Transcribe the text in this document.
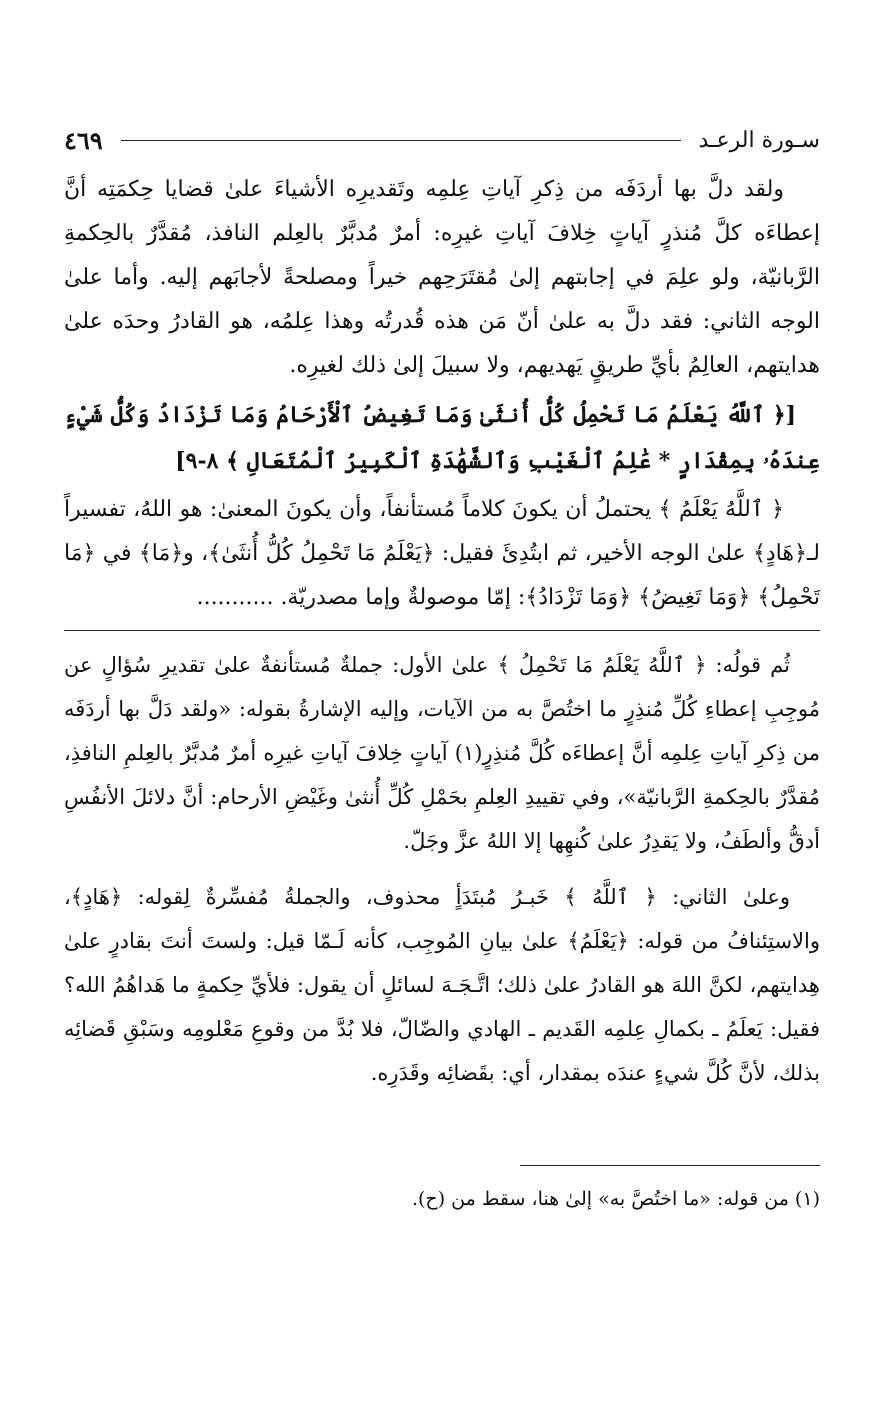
سـورة الرعـد
٤٦٩

ولقد دلَّ بها أردَفَه من ذِكرِ آياتِ عِلمِه وتَقديرِه الأشياءَ علىٰ قضايا حِكمَتِه أنَّ إعطاءَه كلَّ مُنذرٍ آياتٍ خِلافَ آياتِ غيرِه: أمرٌ مُدبَّرٌ بالعِلم النافذ، مُقدَّرٌ بالحِكمةِ الرَّبانيّة، ولو علِمَ في إجابتهم إلىٰ مُقتَرَحِهم خيراً ومصلحةً لأجابَهم إليه. وأما علىٰ الوجه الثاني: فقد دلَّ به علىٰ أنّ مَن هذه قُدرتُه وهذا عِلمُه، هو القادرُ وحدَه علىٰ هدايتهم، العالِمُ بأيِّ طريقٍ يَهديهم، ولا سبيلَ إلىٰ ذلك لغيرِه.

[﴿ ٱللَّهُ يَعْلَمُ مَا تَحْمِلُ كُلُّ أُنثَىٰ وَمَا تَغِيضُ ٱلْأَرْحَامُ وَمَا تَزْدَادُ وَكُلُّ شَيْءٍ عِندَهُۥ بِمِقْدَارٍ * عَٰلِمُ ٱلْغَيْبِ وَٱلشَّهَٰدَةِ ٱلْكَبِيرُ ٱلْمُتَعَالِ ﴾ ٨-٩]

﴿ ٱللَّهُ يَعْلَمُ ﴾ يحتملُ أن يكونَ كلاماً مُستأنفاً، وأن يكونَ المعنىٰ: هو اللهُ، تفسيراً لـ﴿هَادٍ﴾ علىٰ الوجه الأخير، ثم ابتُدِئَ فقيل: ﴿يَعْلَمُ مَا تَحْمِلُ كُلُّ أُنثَىٰ﴾، و﴿مَا﴾ في ﴿مَا تَحْمِلُ﴾ ﴿وَمَا تَغِيضُ﴾ ﴿وَمَا تَزْدَادُ﴾: إمّا موصولةٌ وإما مصدريّة. ...........

ثُم قولُه: ﴿ ٱللَّهُ يَعْلَمُ مَا تَحْمِلُ ﴾ علىٰ الأول: جملةٌ مُستأنفةٌ علىٰ تقديرِ سُؤالٍ عن مُوجِبِ إعطاءِ كُلِّ مُنذِرٍ ما اختُصَّ به من الآيات، وإليه الإشارةُ بقوله: «ولقد دَلَّ بها أردَفَه من ذِكرِ آياتِ عِلمِه أنَّ إعطاءَه كُلَّ مُنذِرٍ(١) آياتٍ خِلافَ آياتِ غيرِه أمرٌ مُدبَّرٌ بالعِلمِ النافذِ، مُقدَّرٌ بالحِكمةِ الرَّبانيّة»، وفي تقييدِ العِلمِ بحَمْلِ كُلِّ أُنثىٰ وغَيْضِ الأرحام: أنَّ دلائلَ الأنفُسِ أدقُّ وألطَفُ، ولا يَقدِرُ علىٰ كُنهِها إلا اللهُ عزَّ وجَلّ.

وعلىٰ الثاني: ﴿ ٱللَّهُ ﴾ خَبـرُ مُبتَدَأٍ محذوف، والجملةُ مُفسِّرةٌ لِقوله: ﴿هَادٍ﴾، والاستِئنافُ من قوله: ﴿يَعْلَمُ﴾ علىٰ بيانِ المُوجِب، كأنه لَـمّا قيل: ولستَ أنتَ بقادرٍ علىٰ هِدايتهم، لكنَّ اللهَ هو القادرُ علىٰ ذلك؛ اتَّـجَـهَ لسائلٍ أن يقول: فلأيِّ حِكمةٍ ما هَداهُمُ الله؟ فقيل: يَعلَمُ ـ بكمالِ عِلمِه القَديم ـ الهادي والضّالّ، فلا بُدَّ من وقوعِ مَعْلومِه وسَبْقِ قَضائِه بذلك، لأنَّ كُلَّ شيءٍ عندَه بمقدار، أي: بقَضائِه وقَدَرِه.

(١) من قوله: «ما اختُصَّ به» إلىٰ هنا، سقط من (ح).
